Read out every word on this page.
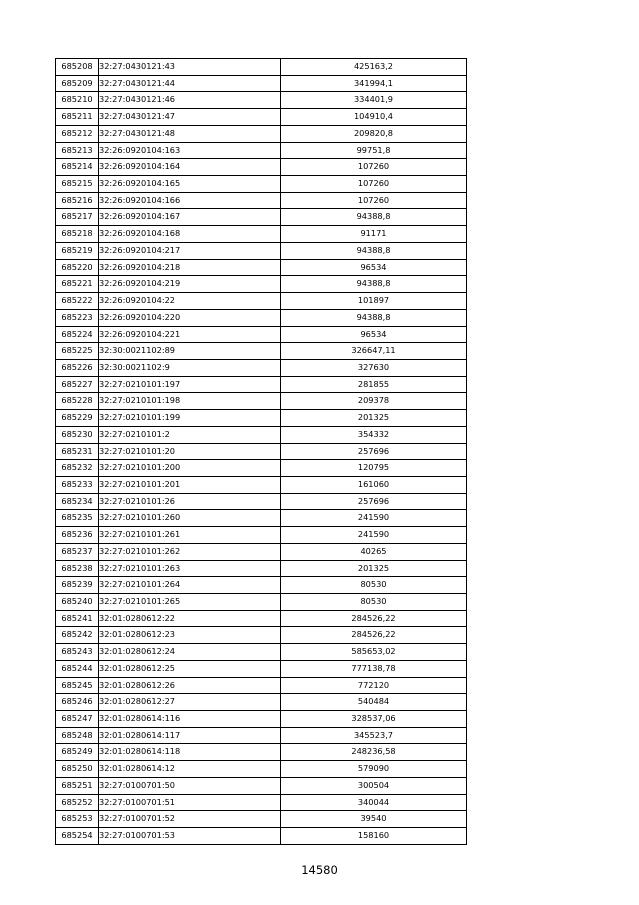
685208	32:27:0430121:43	425163,2
685209	32:27:0430121:44	341994,1
685210	32:27:0430121:46	334401,9
685211	32:27:0430121:47	104910,4
685212	32:27:0430121:48	209820,8
685213	32:26:0920104:163	99751,8
685214	32:26:0920104:164	107260
685215	32:26:0920104:165	107260
685216	32:26:0920104:166	107260
685217	32:26:0920104:167	94388,8
685218	32:26:0920104:168	91171
685219	32:26:0920104:217	94388,8
685220	32:26:0920104:218	96534
685221	32:26:0920104:219	94388,8
685222	32:26:0920104:22	101897
685223	32:26:0920104:220	94388,8
685224	32:26:0920104:221	96534
685225	32:30:0021102:89	326647,11
685226	32:30:0021102:9	327630
685227	32:27:0210101:197	281855
685228	32:27:0210101:198	209378
685229	32:27:0210101:199	201325
685230	32:27:0210101:2	354332
685231	32:27:0210101:20	257696
685232	32:27:0210101:200	120795
685233	32:27:0210101:201	161060
685234	32:27:0210101:26	257696
685235	32:27:0210101:260	241590
685236	32:27:0210101:261	241590
685237	32:27:0210101:262	40265
685238	32:27:0210101:263	201325
685239	32:27:0210101:264	80530
685240	32:27:0210101:265	80530
685241	32:01:0280612:22	284526,22
685242	32:01:0280612:23	284526,22
685243	32:01:0280612:24	585653,02
685244	32:01:0280612:25	777138,78
685245	32:01:0280612:26	772120
685246	32:01:0280612:27	540484
685247	32:01:0280614:116	328537,06
685248	32:01:0280614:117	345523,7
685249	32:01:0280614:118	248236,58
685250	32:01:0280614:12	579090
685251	32:27:0100701:50	300504
685252	32:27:0100701:51	340044
685253	32:27:0100701:52	39540
685254	32:27:0100701:53	158160
14580
